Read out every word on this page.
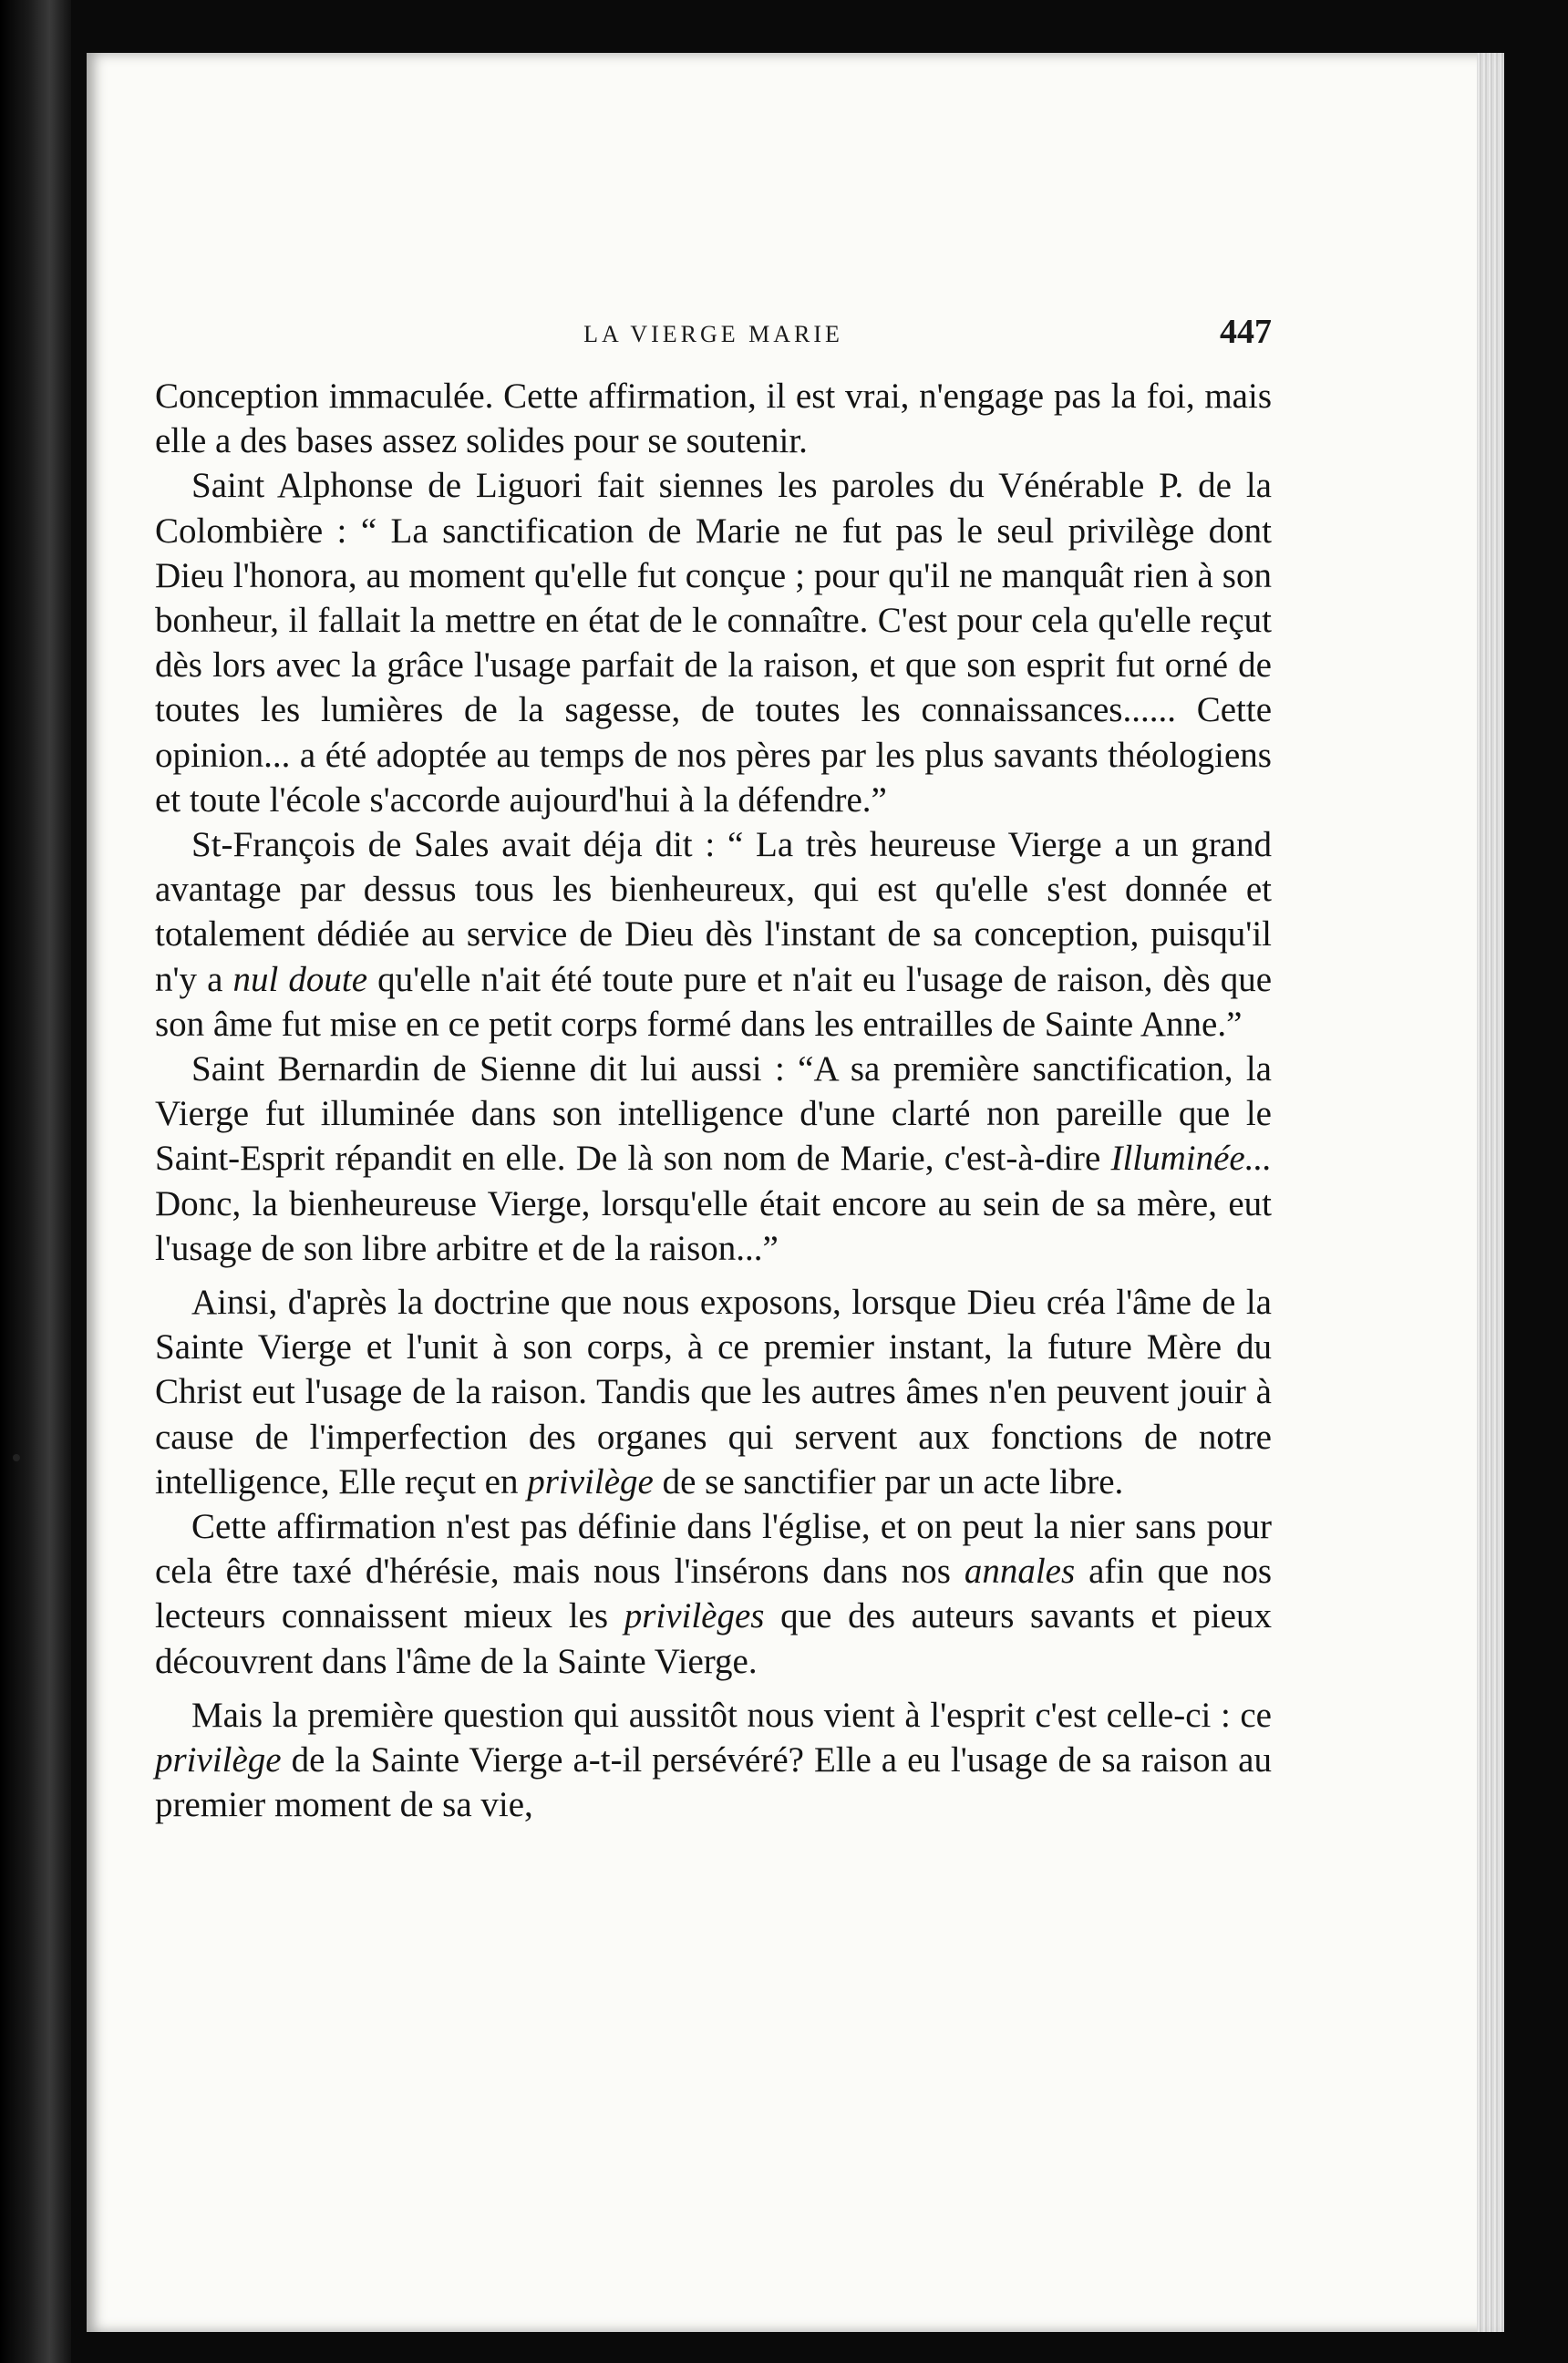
LA VIERGE MARIE	447

Conception immaculée. Cette affirmation, il est vrai, n'engage pas la foi, mais elle a des bases assez solides pour se soutenir.

Saint Alphonse de Liguori fait siennes les paroles du Vénérable P. de la Colombière : “ La sanctification de Marie ne fut pas le seul privilège dont Dieu l'honora, au moment qu'elle fut conçue ; pour qu'il ne manquât rien à son bonheur, il fallait la mettre en état de le connaître. C'est pour cela qu'elle reçut dès lors avec la grâce l'usage parfait de la raison, et que son esprit fut orné de toutes les lumières de la sagesse, de toutes les connaissances...... Cette opinion... a été adoptée au temps de nos pères par les plus savants théologiens et toute l'école s'accorde aujourd'hui à la défendre.”

St-François de Sales avait déja dit : “ La très heureuse Vierge a un grand avantage par dessus tous les bienheureux, qui est qu'elle s'est donnée et totalement dédiée au service de Dieu dès l'instant de sa conception, puisqu'il n'y a nul doute qu'elle n'ait été toute pure et n'ait eu l'usage de raison, dès que son âme fut mise en ce petit corps formé dans les entrailles de Sainte Anne.”

Saint Bernardin de Sienne dit lui aussi : “A sa première sanctification, la Vierge fut illuminée dans son intelligence d'une clarté non pareille que le Saint-Esprit répandit en elle. De là son nom de Marie, c'est-à-dire Illuminée... Donc, la bienheureuse Vierge, lorsqu'elle était encore au sein de sa mère, eut l'usage de son libre arbitre et de la raison...”

Ainsi, d'après la doctrine que nous exposons, lorsque Dieu créa l'âme de la Sainte Vierge et l'unit à son corps, à ce premier instant, la future Mère du Christ eut l'usage de la raison. Tandis que les autres âmes n'en peuvent jouir à cause de l'imperfection des organes qui servent aux fonctions de notre intelligence, Elle reçut en privilège de se sanctifier par un acte libre.

Cette affirmation n'est pas définie dans l'église, et on peut la nier sans pour cela être taxé d'hérésie, mais nous l'insérons dans nos annales afin que nos lecteurs connaissent mieux les privilèges que des auteurs savants et pieux découvrent dans l'âme de la Sainte Vierge.

Mais la première question qui aussitôt nous vient à l'esprit c'est celle-ci : ce privilège de la Sainte Vierge a-t-il persévéré? Elle a eu l'usage de sa raison au premier moment de sa vie,
